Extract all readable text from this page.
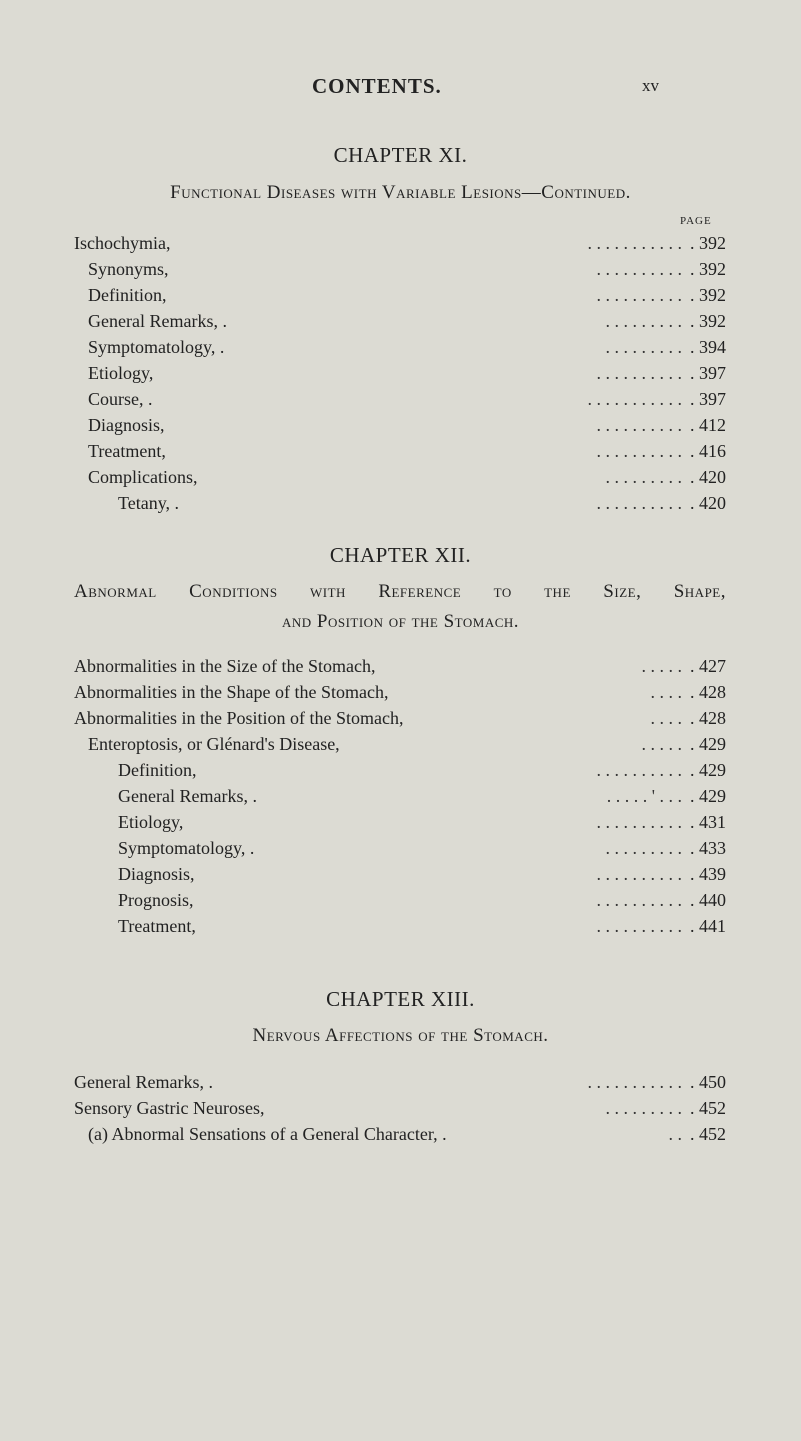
CONTENTS.	xv
CHAPTER XI.
Functional Diseases with Variable Lesions—Continued.
PAGE
Ischochymia,	. . . . . . . . . . . . 392
Synonyms,	. . . . . . . . . . . 392
Definition,	. . . . . . . . . . . 392
General Remarks, .	. . . . . . . . . . 392
Symptomatology, .	. . . . . . . . . . 394
Etiology,	. . . . . . . . . . . 397
Course, .	. . . . . . . . . . . . 397
Diagnosis,	. . . . . . . . . . . 412
Treatment,	. . . . . . . . . . . 416
Complications,	. . . . . . . . . . 420
Tetany, .	. . . . . . . . . . . 420
CHAPTER XII.
Abnormal Conditions with Reference to the Size, Shape,
and Position of the Stomach.
Abnormalities in the Size of the Stomach,	. . . . . . 427
Abnormalities in the Shape of the Stomach,	. . . . . 428
Abnormalities in the Position of the Stomach,	. . . . . 428
Enteroptosis, or Glénard's Disease,	. . . . . . 429
Definition,	. . . . . . . . . . . 429
General Remarks, .	. . . . . ' . . . . 429
Etiology,	. . . . . . . . . . . 431
Symptomatology, .	. . . . . . . . . . 433
Diagnosis,	. . . . . . . . . . . 439
Prognosis,	. . . . . . . . . . . 440
Treatment,	. . . . . . . . . . . 441
CHAPTER XIII.
Nervous Affections of the Stomach.
General Remarks, .	. . . . . . . . . . . . 450
Sensory Gastric Neuroses,	. . . . . . . . . . 452
(a) Abnormal Sensations of a General Character, .	. . . 452
